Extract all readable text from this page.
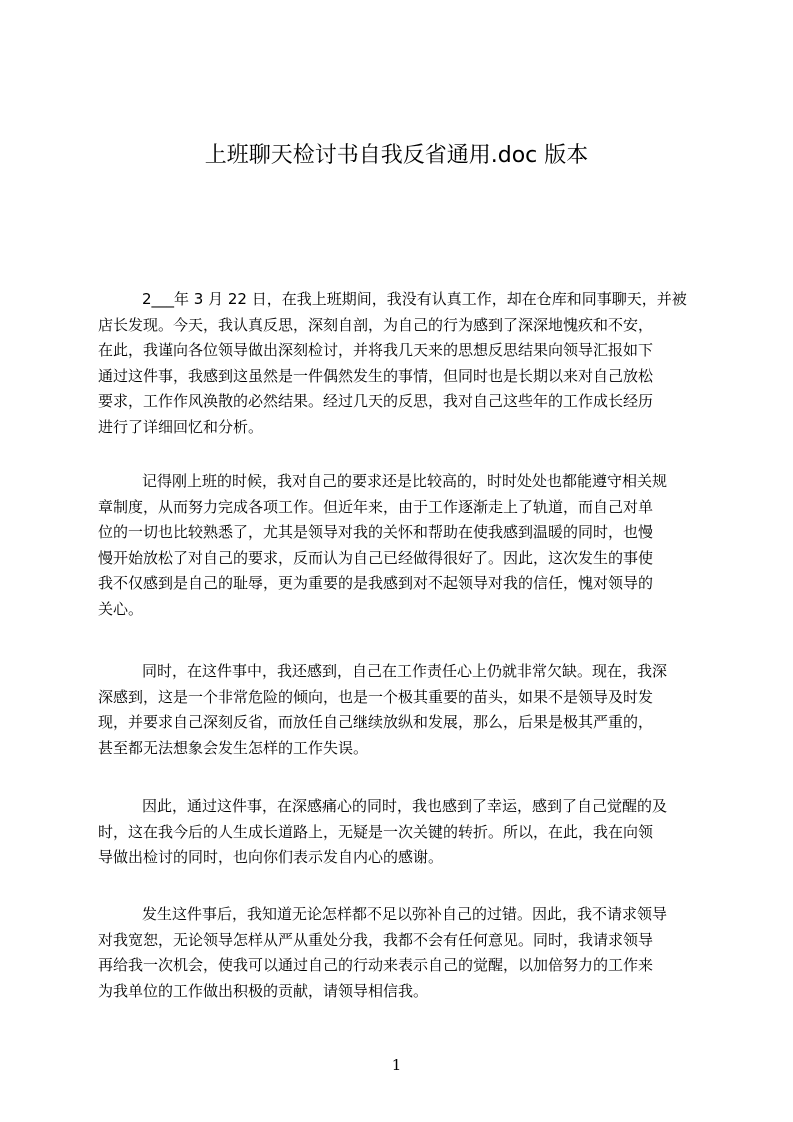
上班聊天检讨书自我反省通用.doc 版本
2___年 3 月 22 日，在我上班期间，我没有认真工作，却在仓库和同事聊天，并被
店长发现。今天，我认真反思，深刻自剖，为自己的行为感到了深深地愧疚和不安，
在此，我谨向各位领导做出深刻检讨，并将我几天来的思想反思结果向领导汇报如下
通过这件事，我感到这虽然是一件偶然发生的事情，但同时也是长期以来对自己放松
要求，工作作风涣散的必然结果。经过几天的反思，我对自己这些年的工作成长经历
进行了详细回忆和分析。
记得刚上班的时候，我对自己的要求还是比较高的，时时处处也都能遵守相关规
章制度，从而努力完成各项工作。但近年来，由于工作逐渐走上了轨道，而自己对单
位的一切也比较熟悉了，尤其是领导对我的关怀和帮助在使我感到温暖的同时，也慢
慢开始放松了对自己的要求，反而认为自己已经做得很好了。因此，这次发生的事使
我不仅感到是自己的耻辱，更为重要的是我感到对不起领导对我的信任，愧对领导的
关心。
同时，在这件事中，我还感到，自己在工作责任心上仍就非常欠缺。现在，我深
深感到，这是一个非常危险的倾向，也是一个极其重要的苗头，如果不是领导及时发
现，并要求自己深刻反省，而放任自己继续放纵和发展，那么，后果是极其严重的，
甚至都无法想象会发生怎样的工作失误。
因此，通过这件事，在深感痛心的同时，我也感到了幸运，感到了自己觉醒的及
时，这在我今后的人生成长道路上，无疑是一次关键的转折。所以，在此，我在向领
导做出检讨的同时，也向你们表示发自内心的感谢。
发生这件事后，我知道无论怎样都不足以弥补自己的过错。因此，我不请求领导
对我宽恕，无论领导怎样从严从重处分我，我都不会有任何意见。同时，我请求领导
再给我一次机会，使我可以通过自己的行动来表示自己的觉醒，以加倍努力的工作来
为我单位的工作做出积极的贡献，请领导相信我。
1
